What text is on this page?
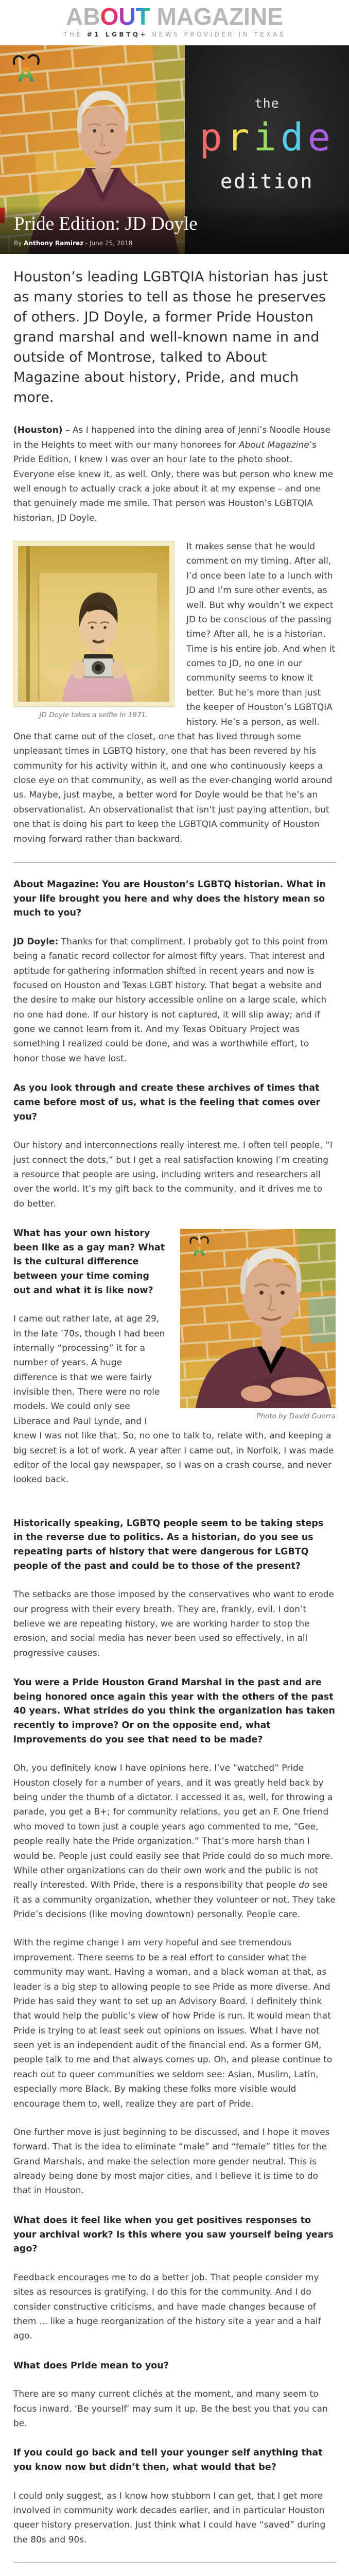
ABOUT MAGAZINE
THE #1 LGBTQ+ NEWS PROVIDER IN TEXAS
A
the
pride
edition
Pride Edition: JD Doyle
By Anthony Ramirez - June 25, 2018

Houston’s leading LGBTQIA historian has just as many stories to tell as those he preserves of others. JD Doyle, a former Pride Houston grand marshal and well-known name in and outside of Montrose, talked to About Magazine about history, Pride, and much more.

(Houston) – As I happened into the dining area of Jenni’s Noodle House in the Heights to meet with our many honorees for About Magazine’s Pride Edition, I knew I was over an hour late to the photo shoot. Everyone else knew it, as well. Only, there was but person who knew me well enough to actually crack a joke about it at my expense – and one that genuinely made me smile. That person was Houston’s LGBTQIA historian, JD Doyle.

JD Doyle takes a selfie in 1971.

It makes sense that he would comment on my timing. After all, I’d once been late to a lunch with JD and I’m sure other events, as well. But why wouldn’t we expect JD to be conscious of the passing time? After all, he is a historian. Time is his entire job. And when it comes to JD, no one in our community seems to know it better. But he’s more than just the keeper of Houston’s LGBTQIA history. He’s a person, as well. One that came out of the closet, one that has lived through some unpleasant times in LGBTQ history, one that has been revered by his community for his activity within it, and one who continuously keeps a close eye on that community, as well as the ever-changing world around us. Maybe, just maybe, a better word for Doyle would be that he’s an observationalist. An observationalist that isn’t just paying attention, but one that is doing his part to keep the LGBTQIA community of Houston moving forward rather than backward.

About Magazine: You are Houston’s LGBTQ historian. What in your life brought you here and why does the history mean so much to you?

JD Doyle: Thanks for that compliment. I probably got to this point from being a fanatic record collector for almost fifty years. That interest and aptitude for gathering information shifted in recent years and now is focused on Houston and Texas LGBT history. That begat a website and the desire to make our history accessible online on a large scale, which no one had done. If our history is not captured, it will slip away; and if gone we cannot learn from it. And my Texas Obituary Project was something I realized could be done, and was a worthwhile effort, to honor those we have lost.

As you look through and create these archives of times that came before most of us, what is the feeling that comes over you?

Our history and interconnections really interest me. I often tell people, “I just connect the dots,” but I get a real satisfaction knowing I’m creating a resource that people are using, including writers and researchers all over the world. It’s my gift back to the community, and it drives me to do better.

A
Photo by David Guerra

What has your own history been like as a gay man? What is the cultural difference between your time coming out and what it is like now?

I came out rather late, at age 29, in the late ’70s, though I had been internally “processing” it for a number of years. A huge difference is that we were fairly invisible then. There were no role models. We could only see Liberace and Paul Lynde, and I knew I was not like that. So, no one to talk to, relate with, and keeping a big secret is a lot of work. A year after I came out, in Norfolk, I was made editor of the local gay newspaper, so I was on a crash course, and never looked back.

Historically speaking, LGBTQ people seem to be taking steps in the reverse due to politics. As a historian, do you see us repeating parts of history that were dangerous for LGBTQ people of the past and could be to those of the present?

The setbacks are those imposed by the conservatives who want to erode our progress with their every breath. They are, frankly, evil. I don’t believe we are repeating history, we are working harder to stop the erosion, and social media has never been used so effectively, in all progressive causes.

You were a Pride Houston Grand Marshal in the past and are being honored once again this year with the others of the past 40 years. What strides do you think the organization has taken recently to improve? Or on the opposite end, what improvements do you see that need to be made?

Oh, you definitely know I have opinions here. I’ve “watched” Pride Houston closely for a number of years, and it was greatly held back by being under the thumb of a dictator. I accessed it as, well, for throwing a parade, you get a B+; for community relations, you get an F. One friend who moved to town just a couple years ago commented to me, “Gee, people really hate the Pride organization.” That’s more harsh than I would be. People just could easily see that Pride could do so much more. While other organizations can do their own work and the public is not really interested. With Pride, there is a responsibility that people do see it as a community organization, whether they volunteer or not. They take Pride’s decisions (like moving downtown) personally. People care.

With the regime change I am very hopeful and see tremendous improvement. There seems to be a real effort to consider what the community may want. Having a woman, and a black woman at that, as leader is a big step to allowing people to see Pride as more diverse. And Pride has said they want to set up an Advisory Board. I definitely think that would help the public’s view of how Pride is run. It would mean that Pride is trying to at least seek out opinions on issues. What I have not seen yet is an independent audit of the financial end. As a former GM, people talk to me and that always comes up. Oh, and please continue to reach out to queer communities we seldom see: Asian, Muslim, Latin, especially more Black. By making these folks more visible would encourage them to, well, realize they are part of Pride.

One further move is just beginning to be discussed, and I hope it moves forward. That is the idea to eliminate “male” and “female” titles for the Grand Marshals, and make the selection more gender neutral. This is already being done by most major cities, and I believe it is time to do that in Houston.

What does it feel like when you get positives responses to your archival work? Is this where you saw yourself being years ago?

Feedback encourages me to do a better job. That people consider my sites as resources is gratifying. I do this for the community. And I do consider constructive criticisms, and have made changes because of them ... like a huge reorganization of the history site a year and a half ago.

What does Pride mean to you?

There are so many current clichés at the moment, and many seem to focus inward. ‘Be yourself’ may sum it up. Be the best you that you can be.

If you could go back and tell your younger self anything that you know now but didn’t then, what would that be?

I could only suggest, as I know how stubborn I can get, that I get more involved in community work decades earlier, and in particular Houston queer history preservation. Just think what I could have “saved” during the 80s and 90s.
